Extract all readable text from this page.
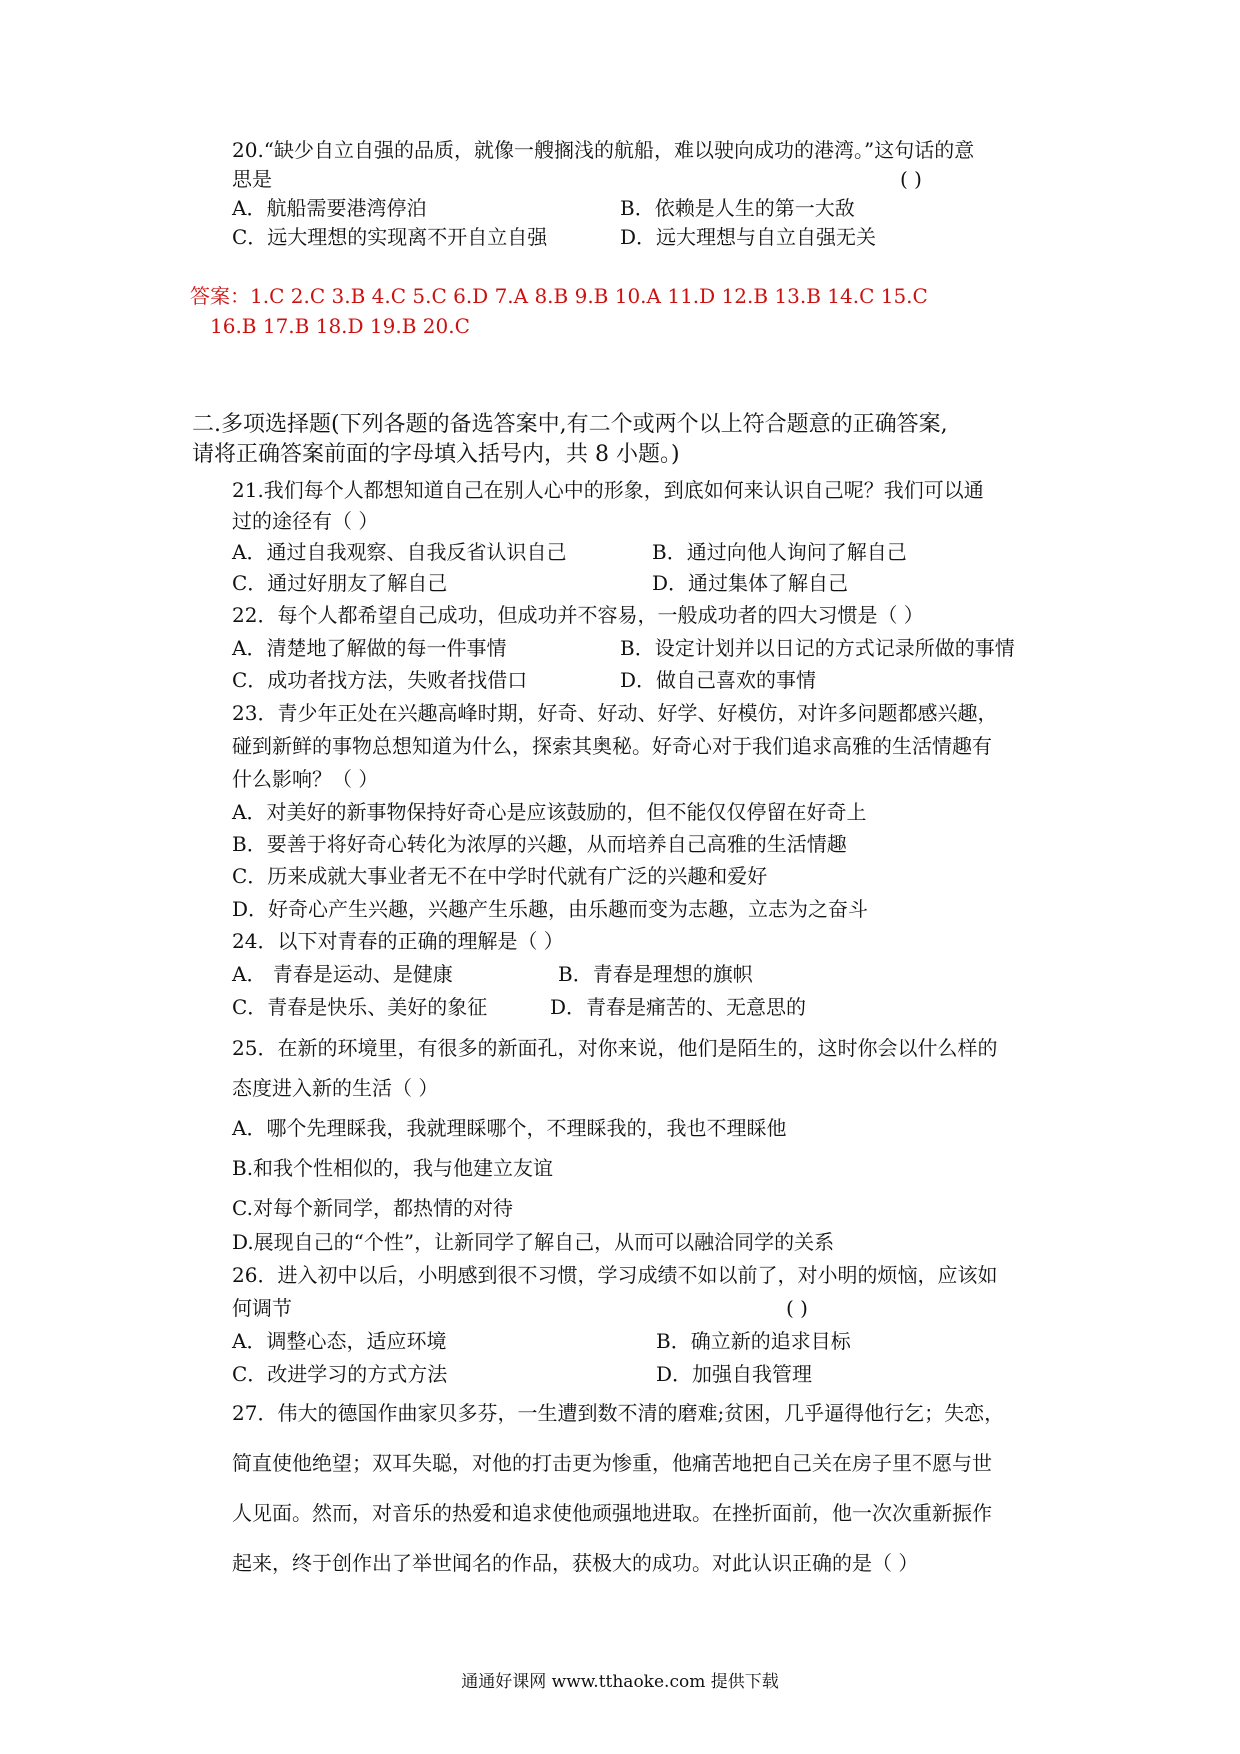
20.“缺少自立自强的品质，就像一艘搁浅的航船，难以驶向成功的港湾。”这句话的意
思是	( )
A．航船需要港湾停泊	B．依赖是人生的第一大敌
C．远大理想的实现离不开自立自强	D．远大理想与自立自强无关
答案：1.C 2.C 3.B 4.C 5.C 6.D 7.A 8.B 9.B 10.A 11.D 12.B 13.B 14.C 15.C
16.B 17.B 18.D 19.B 20.C
二.多项选择题(下列各题的备选答案中,有二个或两个以上符合题意的正确答案,
请将正确答案前面的字母填入括号内，共 8 小题。)
21.我们每个人都想知道自己在别人心中的形象，到底如何来认识自己呢？我们可以通
过的途径有（ ）
A．通过自我观察、自我反省认识自己	B．通过向他人询问了解自己
C．通过好朋友了解自己	D．通过集体了解自己
22．每个人都希望自己成功，但成功并不容易，一般成功者的四大习惯是（ ）
A．清楚地了解做的每一件事情	B．设定计划并以日记的方式记录所做的事情
C．成功者找方法，失败者找借口	D．做自己喜欢的事情
23．青少年正处在兴趣高峰时期，好奇、好动、好学、好模仿，对许多问题都感兴趣，
碰到新鲜的事物总想知道为什么，探索其奥秘。好奇心对于我们追求高雅的生活情趣有
什么影响？（ ）
A．对美好的新事物保持好奇心是应该鼓励的，但不能仅仅停留在好奇上
B．要善于将好奇心转化为浓厚的兴趣，从而培养自己高雅的生活情趣
C．历来成就大事业者无不在中学时代就有广泛的兴趣和爱好
D．好奇心产生兴趣，兴趣产生乐趣，由乐趣而变为志趣，立志为之奋斗
24．以下对青春的正确的理解是（ ）
A． 青春是运动、是健康	B．青春是理想的旗帜
C．青春是快乐、美好的象征	D．青春是痛苦的、无意思的
25．在新的环境里，有很多的新面孔，对你来说，他们是陌生的，这时你会以什么样的
态度进入新的生活（ ）
A．哪个先理睬我，我就理睬哪个，不理睬我的，我也不理睬他
B.和我个性相似的，我与他建立友谊
C.对每个新同学，都热情的对待
D.展现自己的“个性”，让新同学了解自己，从而可以融洽同学的关系
26．进入初中以后，小明感到很不习惯，学习成绩不如以前了，对小明的烦恼，应该如
何调节	( )
A．调整心态，适应环境	B．确立新的追求目标
C．改进学习的方式方法	D．加强自我管理
27．伟大的德国作曲家贝多芬，一生遭到数不清的磨难;贫困，几乎逼得他行乞；失恋，
简直使他绝望；双耳失聪，对他的打击更为惨重，他痛苦地把自己关在房子里不愿与世
人见面。然而，对音乐的热爱和追求使他顽强地进取。在挫折面前，他一次次重新振作
起来，终于创作出了举世闻名的作品，获极大的成功。对此认识正确的是（ ）
通通好课网 www.tthaoke.com 提供下载
